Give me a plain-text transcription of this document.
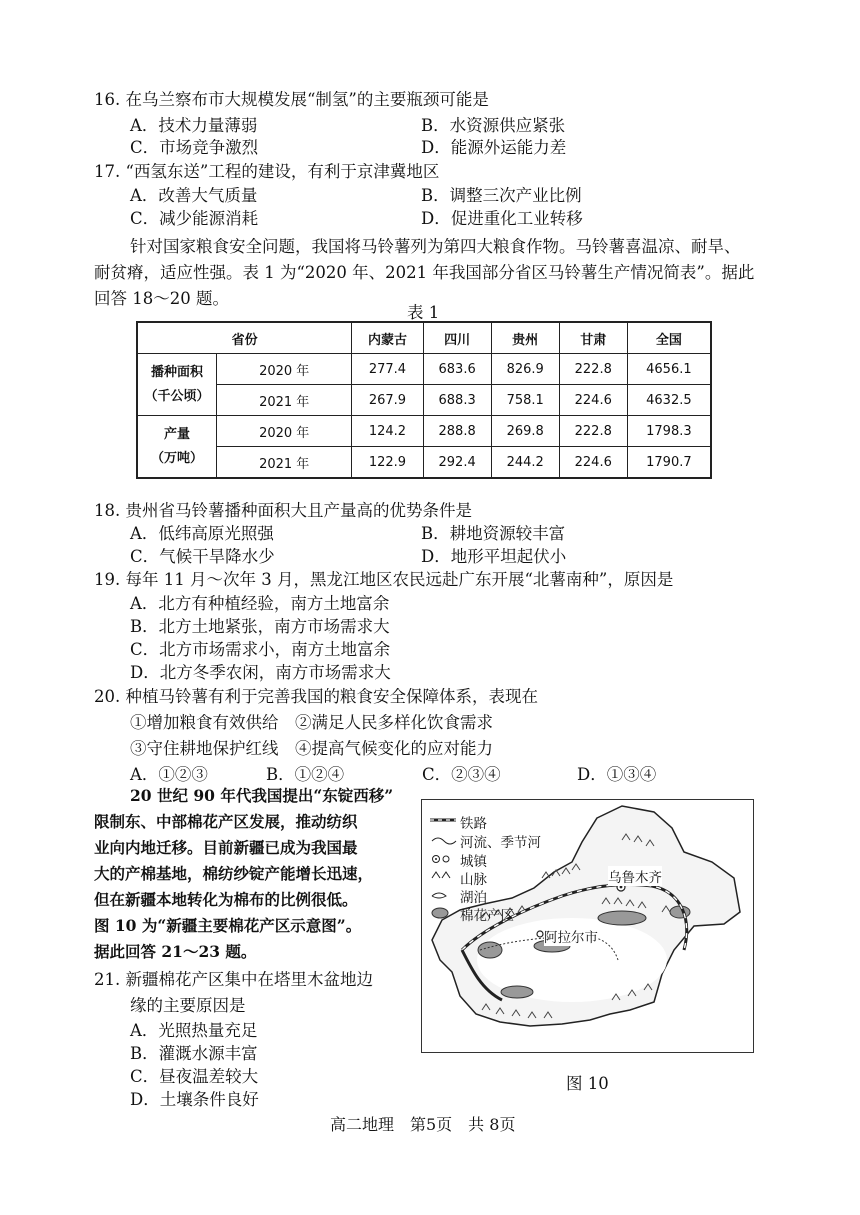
16. 在乌兰察布市大规模发展“制氢”的主要瓶颈可能是
A．技术力量薄弱	B．水资源供应紧张
C．市场竞争激烈	D．能源外运能力差
17. “西氢东送”工程的建设，有利于京津冀地区
A．改善大气质量	B．调整三次产业比例
C．减少能源消耗	D．促进重化工业转移
针对国家粮食安全问题，我国将马铃薯列为第四大粮食作物。马铃薯喜温凉、耐旱、
耐贫瘠，适应性强。表 1 为“2020 年、2021 年我国部分省区马铃薯生产情况简表”。据此
回答 18～20 题。
表 1
省份		内蒙古	四川	贵州	甘肃	全国

播种面积
（千公顷）	2020 年	277.4	683.6	826.9	222.8	4656.1
	2021 年	267.9	688.3	758.1	224.6	4632.5

产量
（万吨）	2020 年	124.2	288.8	269.8	222.8	1798.3
	2021 年	122.9	292.4	244.2	224.6	1790.7
18. 贵州省马铃薯播种面积大且产量高的优势条件是
A．低纬高原光照强	B．耕地资源较丰富
C．气候干旱降水少	D．地形平坦起伏小
19. 每年 11 月～次年 3 月，黑龙江地区农民远赴广东开展“北薯南种”，原因是
A．北方有种植经验，南方土地富余
B．北方土地紧张，南方市场需求大
C．北方市场需求小，南方土地富余
D．北方冬季农闲，南方市场需求大
20. 种植马铃薯有利于完善我国的粮食安全保障体系，表现在
①增加粮食有效供给　②满足人民多样化饮食需求
③守住耕地保护红线　④提高气候变化的应对能力
A．①②③	B．①②④	C．②③④	D．①③④
20 世纪 90 年代我国提出“东锭西移”
限制东、中部棉花产区发展，推动纺织
业向内地迁移。目前新疆已成为我国最
大的产棉基地，棉纺纱锭产能增长迅速，
但在新疆本地转化为棉布的比例很低。
图 10 为“新疆主要棉花产区示意图”。
据此回答 21～23 题。
21. 新疆棉花产区集中在塔里木盆地边
缘的主要原因是
A．光照热量充足
B．灌溉水源丰富
C．昼夜温差较大
D．土壤条件良好
铁路
河流、季节河
城镇
山脉
湖泊
棉花产区
乌鲁木齐
阿拉尔市
图 10
高二地理　第5页　共 8页
